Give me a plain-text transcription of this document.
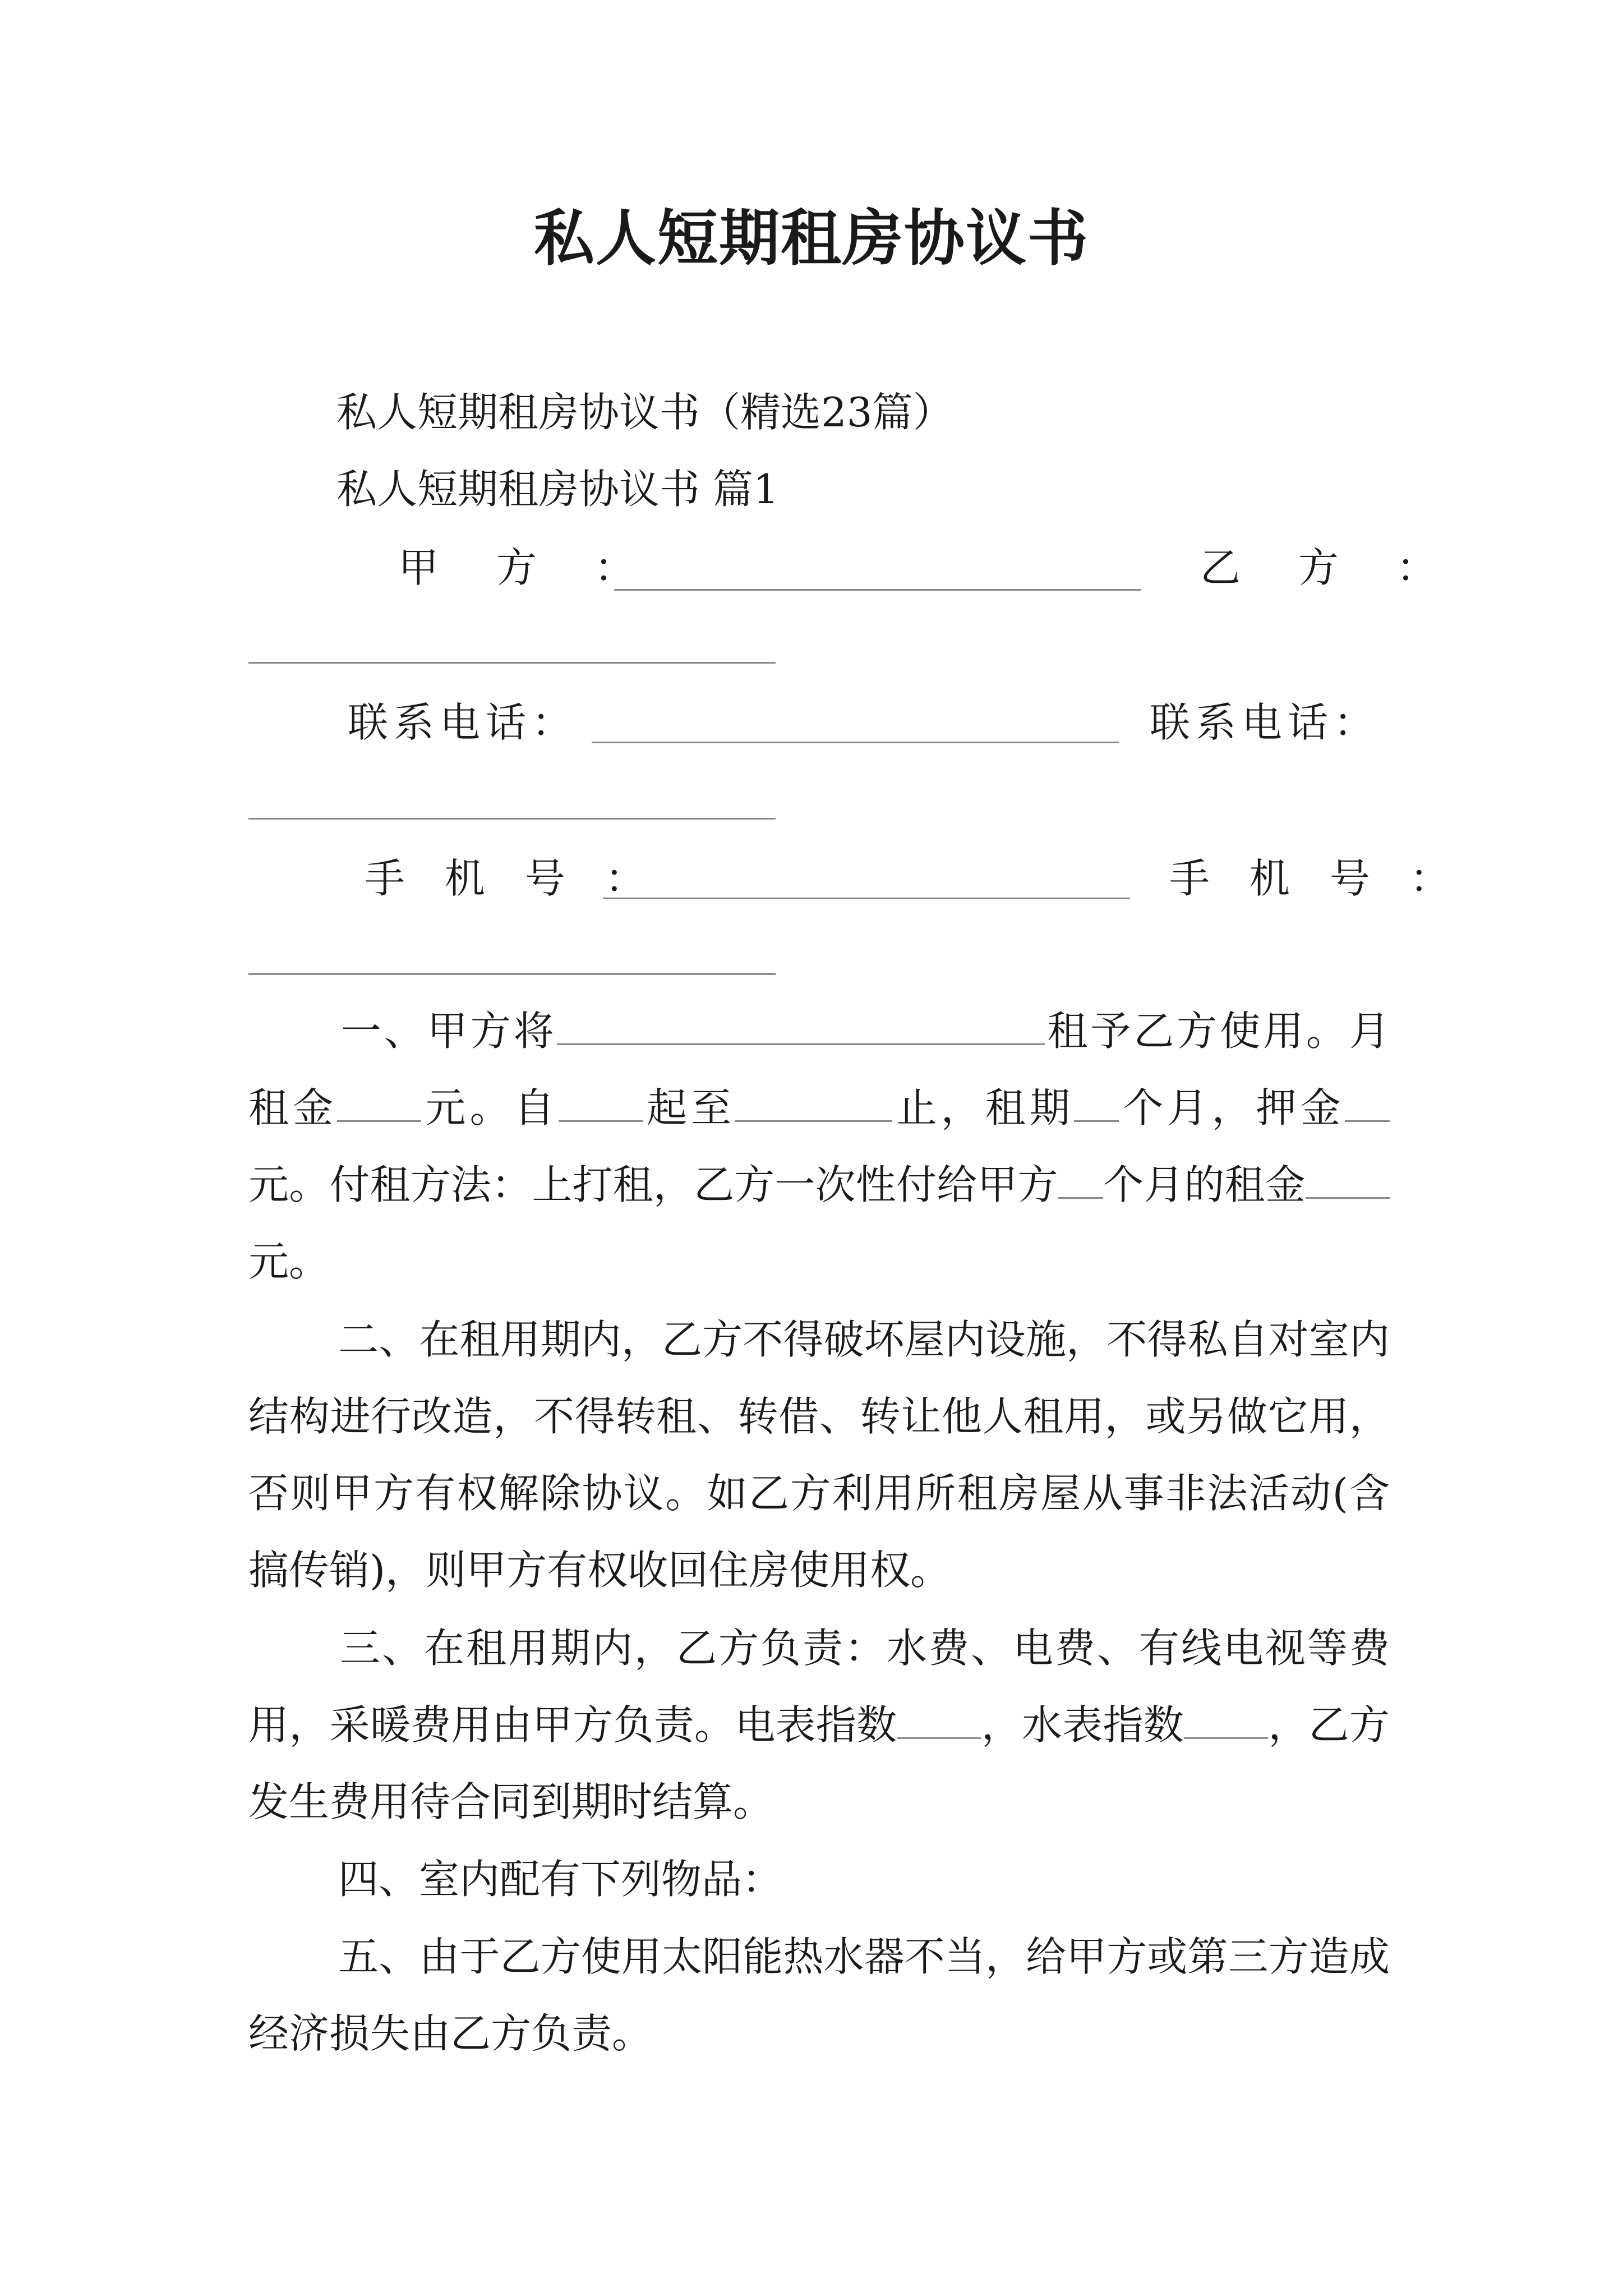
私人短期租房协议书
私人短期租房协议书（精选23篇）
私人短期租房协议书 篇1
甲 方 ：	乙 方 ：
联系电话：	联系电话：
手 机 号 ：	手 机 号 ：
一、甲方将	租予乙方使用。月租金 元。自 起至	止，租期 个月，押金元。付租方法：上打租，乙方一次性付给甲方 个月的租金元。
二、在租用期内，乙方不得破坏屋内设施，不得私自对室内结构进行改造，不得转租、转借、转让他人租用，或另做它用，否则甲方有权解除协议。如乙方利用所租房屋从事非法活动(含搞传销)，则甲方有权收回住房使用权。
三、在租用期内，乙方负责：水费、电费、有线电视等费用，采暖费用由甲方负责。电表指数 ，水表指数 ，乙方发生费用待合同到期时结算。
四、室内配有下列物品：
五、由于乙方使用太阳能热水器不当，给甲方或第三方造成经济损失由乙方负责。
